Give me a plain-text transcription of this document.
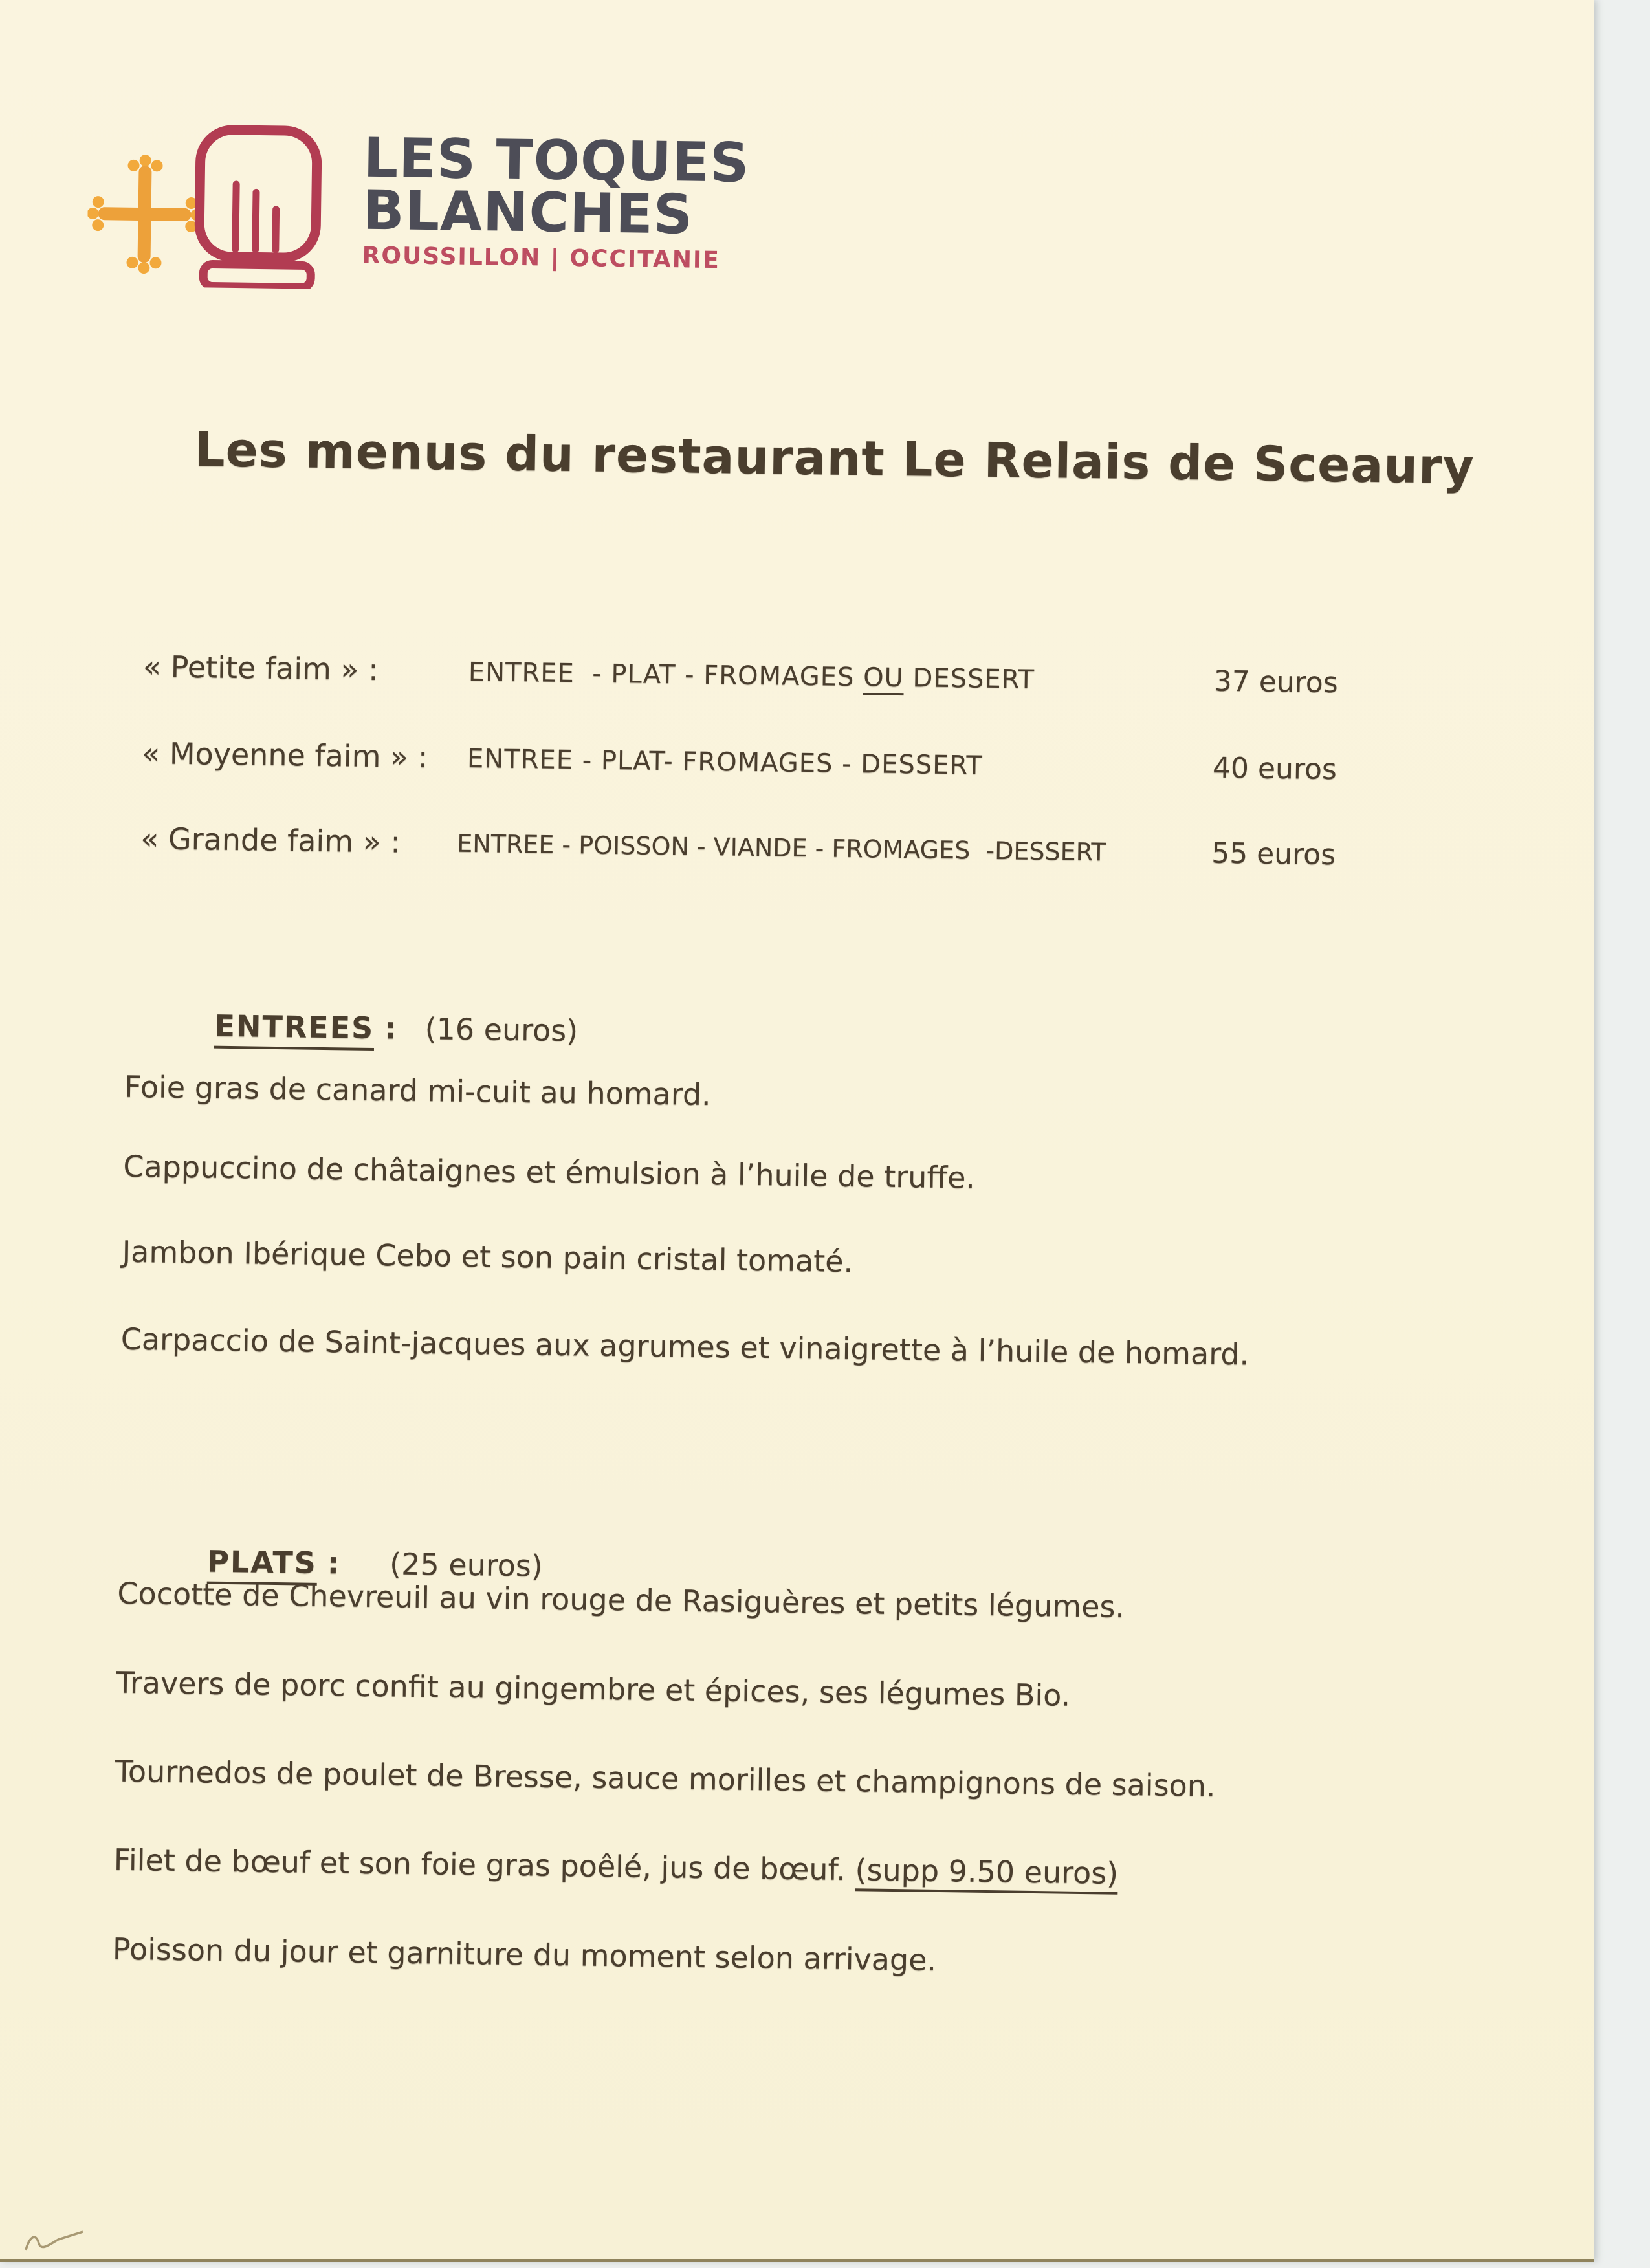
LES TOQUES
BLANCHES
ROUSSILLON | OCCITANIE
Les menus du restaurant Le Relais de Sceaury
« Petite faim » :	ENTREE  - PLAT - FROMAGES OU DESSERT	37 euros
« Moyenne faim » : ENTREE - PLAT- FROMAGES - DESSERT	40 euros
« Grande faim » : ENTREE - POISSON - VIANDE - FROMAGES  -DESSERT	55 euros

ENTREES : (16 euros)

Foie gras de canard mi-cuit au homard.
Cappuccino de châtaignes et émulsion à l’huile de truffe.
Jambon Ibérique Cebo et son pain cristal tomaté.
Carpaccio de Saint-jacques aux agrumes et vinaigrette à l’huile de homard.

PLATS : (25 euros)

Cocotte de Chevreuil au vin rouge de Rasiguères et petits légumes.
Travers de porc confit au gingembre et épices, ses légumes Bio.
Tournedos de poulet de Bresse, sauce morilles et champignons de saison.
Filet de bœuf et son foie gras poêlé, jus de bœuf. (supp 9.50 euros)
Poisson du jour et garniture du moment selon arrivage.
